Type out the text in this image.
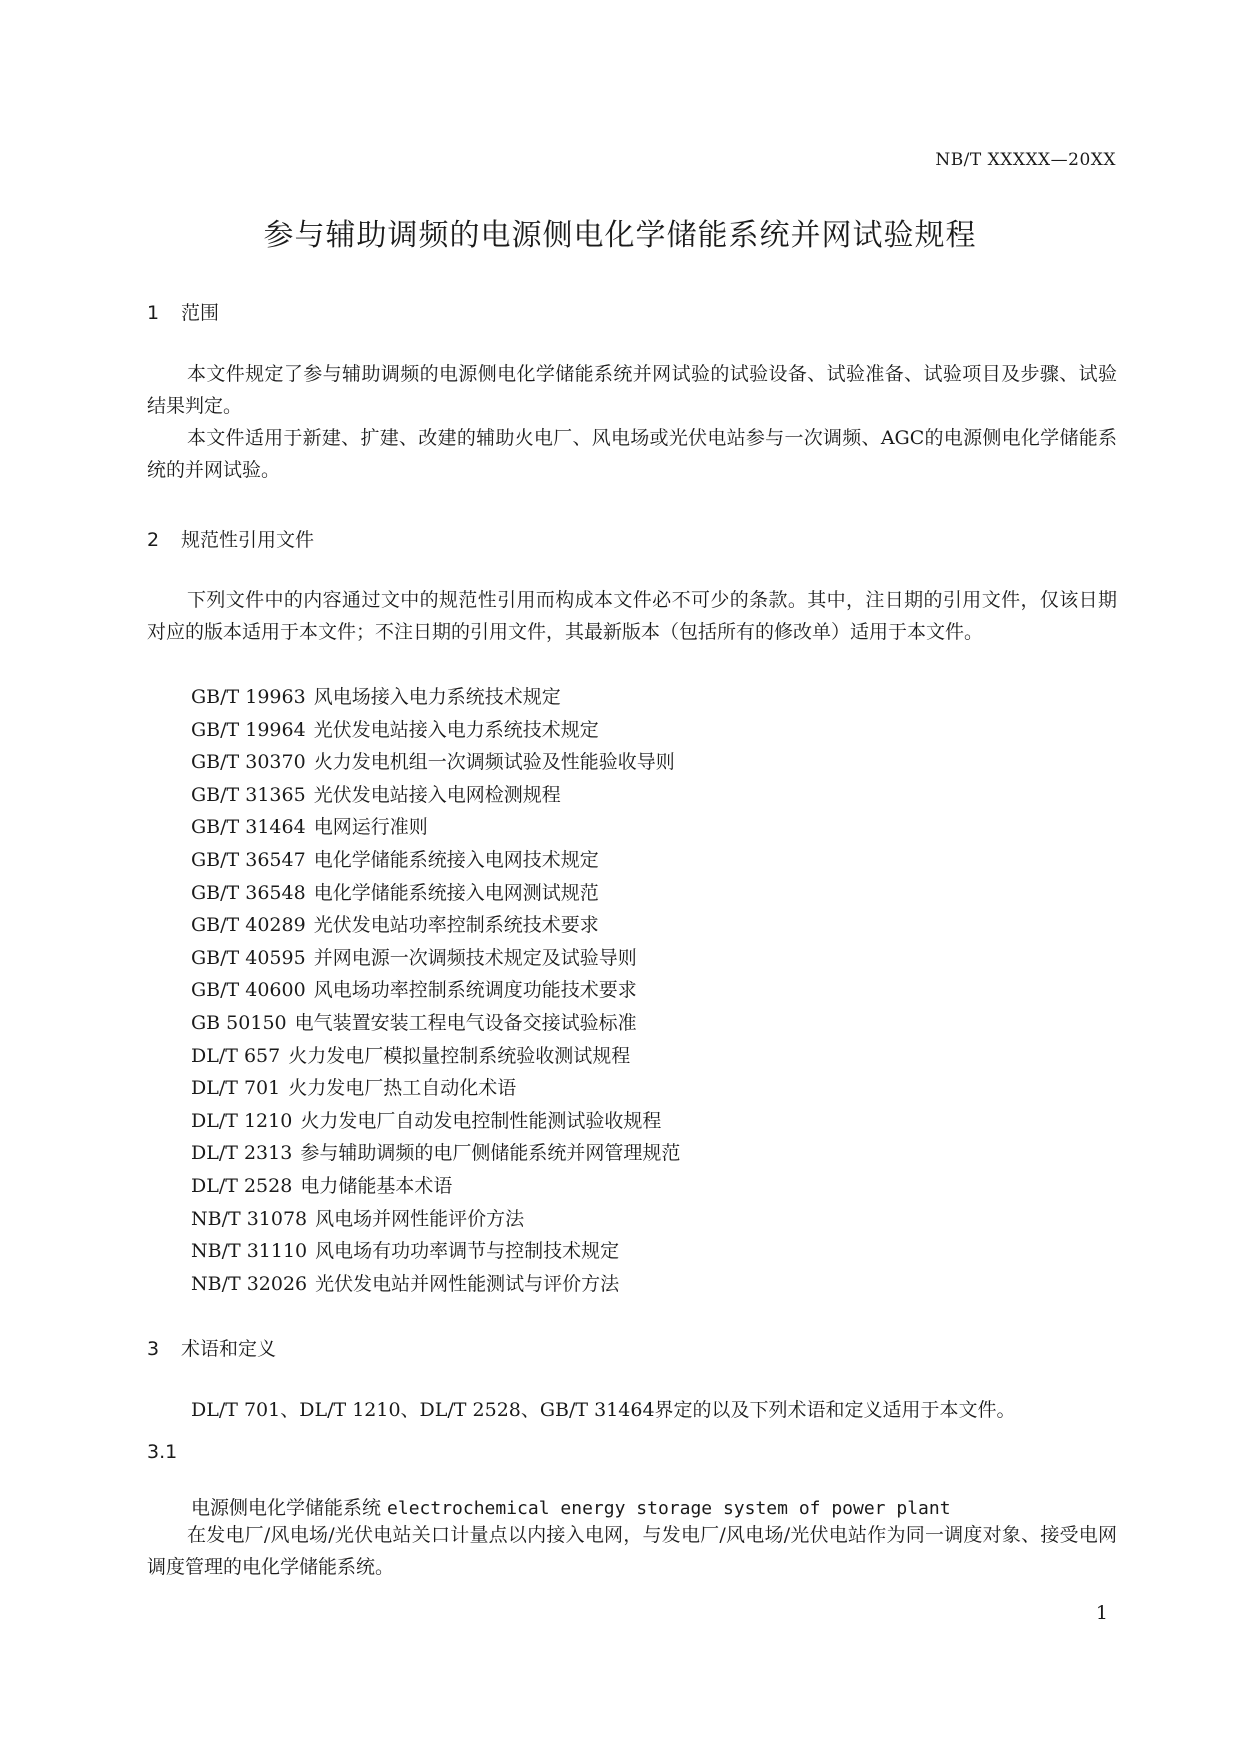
NB/T XXXXX—20XX
参与辅助调频的电源侧电化学储能系统并网试验规程
1 范围
本文件规定了参与辅助调频的电源侧电化学储能系统并网试验的试验设备、试验准备、试验项目及步骤、试验结果判定。
本文件适用于新建、扩建、改建的辅助火电厂、风电场或光伏电站参与一次调频、AGC的电源侧电化学储能系统的并网试验。
2 规范性引用文件
下列文件中的内容通过文中的规范性引用而构成本文件必不可少的条款。其中，注日期的引用文件，仅该日期对应的版本适用于本文件；不注日期的引用文件，其最新版本（包括所有的修改单）适用于本文件。
GB/T 19963 风电场接入电力系统技术规定
GB/T 19964 光伏发电站接入电力系统技术规定
GB/T 30370 火力发电机组一次调频试验及性能验收导则
GB/T 31365 光伏发电站接入电网检测规程
GB/T 31464 电网运行准则
GB/T 36547 电化学储能系统接入电网技术规定
GB/T 36548 电化学储能系统接入电网测试规范
GB/T 40289 光伏发电站功率控制系统技术要求
GB/T 40595 并网电源一次调频技术规定及试验导则
GB/T 40600 风电场功率控制系统调度功能技术要求
GB 50150 电气装置安装工程电气设备交接试验标准
DL/T 657 火力发电厂模拟量控制系统验收测试规程
DL/T 701 火力发电厂热工自动化术语
DL/T 1210 火力发电厂自动发电控制性能测试验收规程
DL/T 2313 参与辅助调频的电厂侧储能系统并网管理规范
DL/T 2528 电力储能基本术语
NB/T 31078 风电场并网性能评价方法
NB/T 31110 风电场有功功率调节与控制技术规定
NB/T 32026 光伏发电站并网性能测试与评价方法
3 术语和定义
DL/T 701、DL/T 1210、DL/T 2528、GB/T 31464界定的以及下列术语和定义适用于本文件。
3.1
电源侧电化学储能系统 electrochemical energy storage system of power plant
在发电厂/风电场/光伏电站关口计量点以内接入电网，与发电厂/风电场/光伏电站作为同一调度对象、接受电网调度管理的电化学储能系统。
1
